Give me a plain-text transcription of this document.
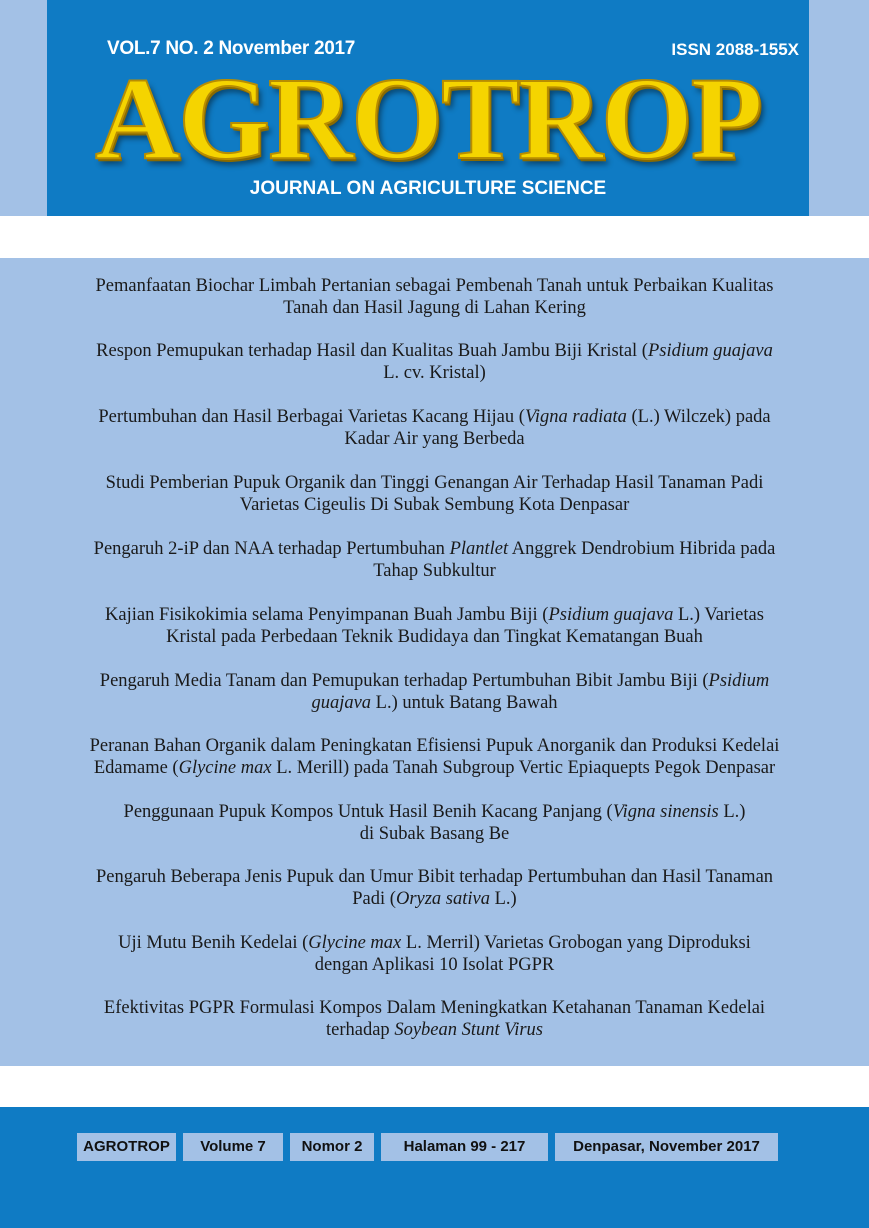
VOL.7 NO. 2 November 2017	ISSN 2088-155X
AGROTROP
JOURNAL ON AGRICULTURE SCIENCE
Pemanfaatan Biochar Limbah Pertanian sebagai Pembenah Tanah untuk Perbaikan Kualitas
Tanah dan Hasil Jagung di Lahan Kering
Respon Pemupukan terhadap Hasil dan Kualitas Buah Jambu Biji Kristal (Psidium guajava
L. cv. Kristal)
Pertumbuhan dan Hasil Berbagai Varietas Kacang Hijau (Vigna radiata (L.) Wilczek) pada
Kadar Air yang Berbeda
Studi Pemberian Pupuk Organik dan Tinggi Genangan Air Terhadap Hasil Tanaman Padi
Varietas Cigeulis Di Subak Sembung Kota Denpasar
Pengaruh 2-iP dan NAA terhadap Pertumbuhan Plantlet Anggrek Dendrobium Hibrida pada
Tahap Subkultur
Kajian Fisikokimia selama Penyimpanan Buah Jambu Biji (Psidium guajava L.) Varietas
Kristal pada Perbedaan Teknik Budidaya dan Tingkat Kematangan Buah
Pengaruh Media Tanam dan Pemupukan terhadap Pertumbuhan Bibit Jambu Biji (Psidium
guajava L.) untuk Batang Bawah
Peranan Bahan Organik dalam Peningkatan Efisiensi Pupuk Anorganik dan Produksi Kedelai
Edamame (Glycine max L. Merill) pada Tanah Subgroup Vertic Epiaquepts Pegok Denpasar
Penggunaan Pupuk Kompos Untuk Hasil Benih Kacang Panjang (Vigna sinensis L.)
di Subak Basang Be
Pengaruh Beberapa Jenis Pupuk dan Umur Bibit terhadap Pertumbuhan dan Hasil Tanaman
Padi (Oryza sativa L.)
Uji Mutu Benih Kedelai (Glycine max L. Merril) Varietas Grobogan yang Diproduksi
dengan Aplikasi 10 Isolat PGPR
Efektivitas PGPR Formulasi Kompos Dalam Meningkatkan Ketahanan Tanaman Kedelai
terhadap Soybean Stunt Virus
AGROTROP	Volume 7	Nomor 2	Halaman 99 - 217	Denpasar, November 2017
